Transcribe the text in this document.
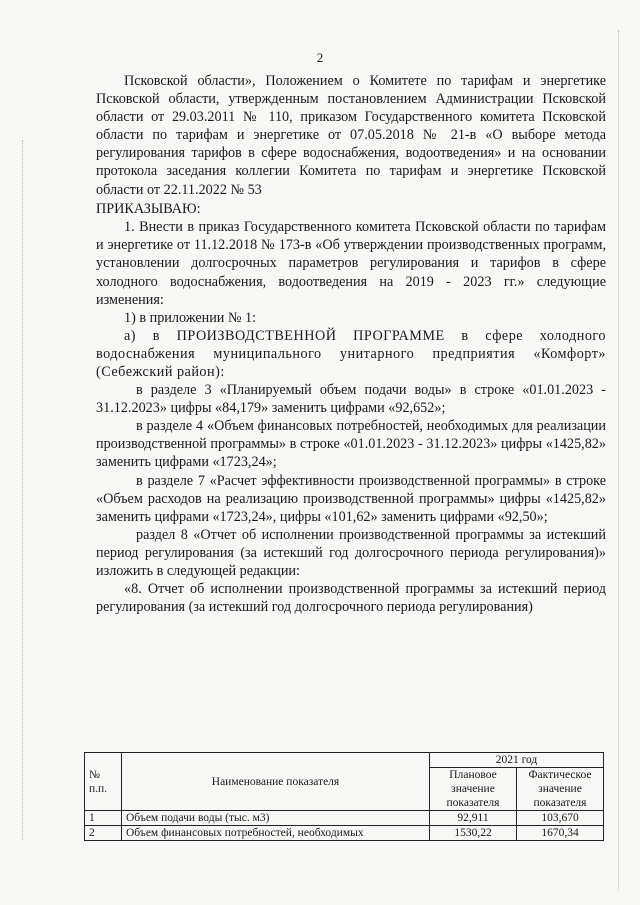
2

Псковской области», Положением о Комитете по тарифам и энергетике Псковской области, утвержденным постановлением Администрации Псковской области от 29.03.2011 № 110, приказом Государственного комитета Псковской области по тарифам и энергетике от 07.05.2018 № 21-в «О выборе метода регулирования тарифов в сфере водоснабжения, водоотведения» и на основании протокола заседания коллегии Комитета по тарифам и энергетике Псковской области от 22.11.2022 № 53

ПРИКАЗЫВАЮ:

1. Внести в приказ Государственного комитета Псковской области по тарифам и энергетике от 11.12.2018 № 173-в «Об утверждении производственных программ, установлении долгосрочных параметров регулирования и тарифов в сфере холодного водоснабжения, водоотведения на 2019 - 2023 гг.» следующие изменения:

1) в приложении № 1:

а) в ПРОИЗВОДСТВЕННОЙ ПРОГРАММЕ в сфере холодного водоснабжения муниципального унитарного предприятия «Комфорт» (Себежский район):

в разделе 3 «Планируемый объем подачи воды» в строке «01.01.2023 - 31.12.2023» цифры «84,179» заменить цифрами «92,652»;

в разделе 4 «Объем финансовых потребностей, необходимых для реализации производственной программы» в строке «01.01.2023 - 31.12.2023» цифры «1425,82» заменить цифрами «1723,24»;

в разделе 7 «Расчет эффективности производственной программы» в строке «Объем расходов на реализацию производственной программы» цифры «1425,82» заменить цифрами «1723,24», цифры «101,62» заменить цифрами «92,50»;

раздел 8 «Отчет об исполнении производственной программы за истекший период регулирования (за истекший год долгосрочного периода регулирования)» изложить в следующей редакции:

«8. Отчет об исполнении производственной программы за истекший период регулирования (за истекший год долгосрочного периода регулирования)

№ п.п.	Наименование показателя	2021 год	
		Плановое значение показателя	Фактическое значение показателя
1	Объем подачи воды (тыс. м3)	92,911	103,670
2	Объем финансовых потребностей, необходимых	1530,22	1670,34
